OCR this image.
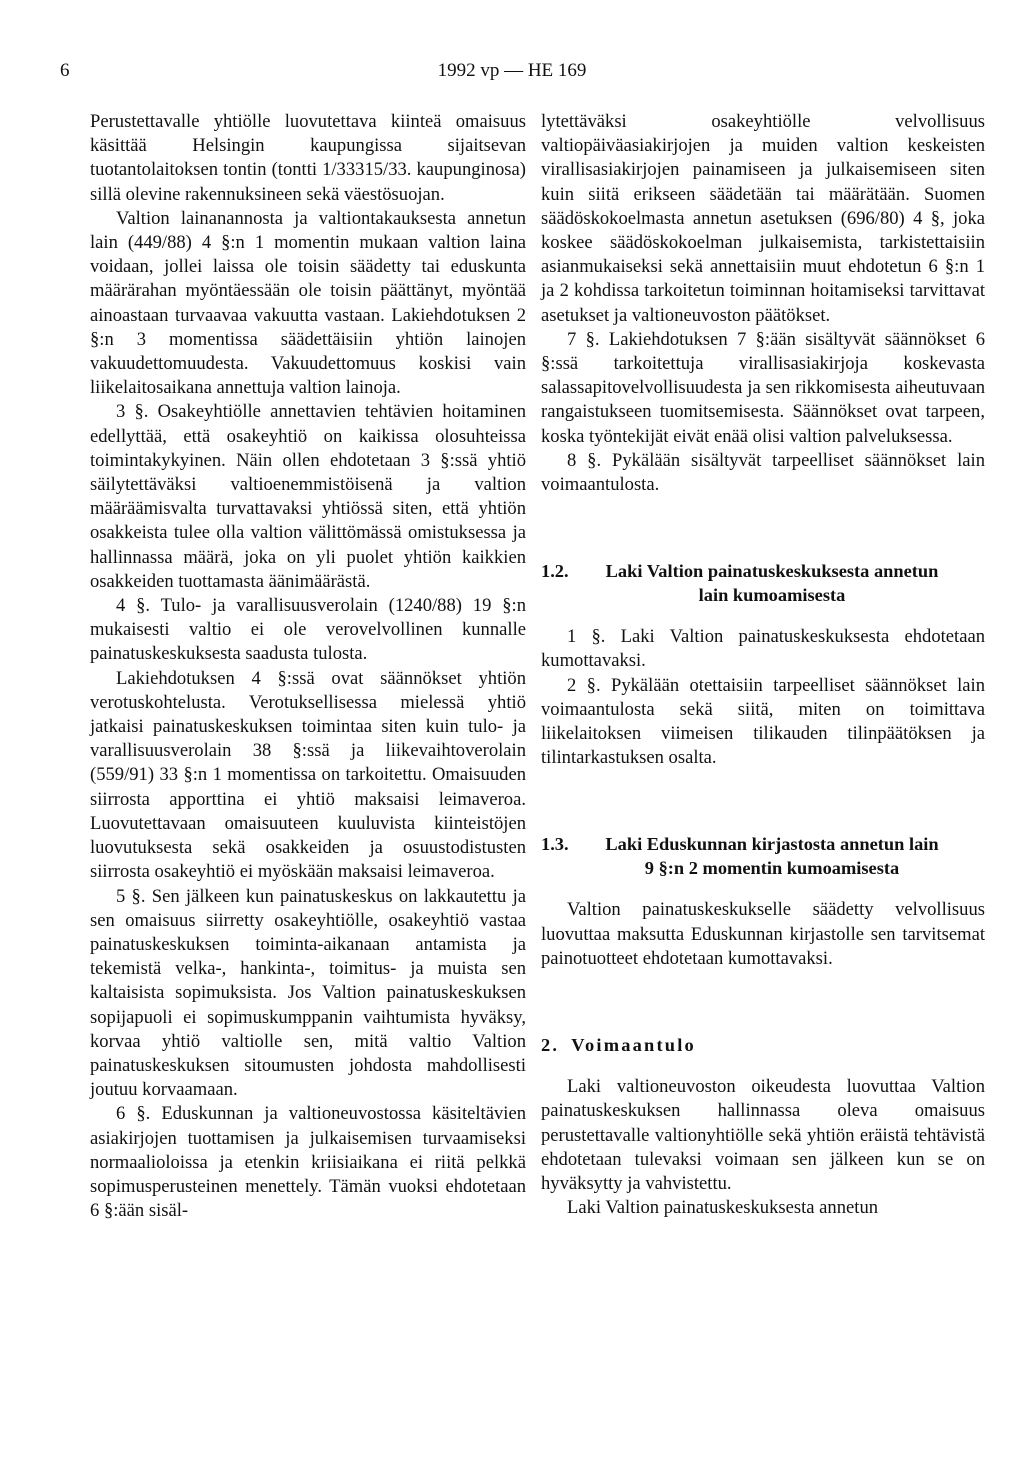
6	1992 vp — HE 169

Perustettavalle yhtiölle luovutettava kiinteä omaisuus käsittää Helsingin kaupungissa sijaitsevan tuotantolaitoksen tontin (tontti 1/33315/33. kaupunginosa) sillä olevine rakennuksineen sekä väestösuojan.

Valtion lainanannosta ja valtiontakauksesta annetun lain (449/88) 4 §:n 1 momentin mukaan valtion laina voidaan, jollei laissa ole toisin säädetty tai eduskunta määrärahan myöntäessään ole toisin päättänyt, myöntää ainoastaan turvaavaa vakuutta vastaan. Lakiehdotuksen 2 §:n 3 momentissa säädettäisiin yhtiön lainojen vakuudettomuudesta. Vakuudettomuus koskisi vain liikelaitosaikana annettuja valtion lainoja.

3 §. Osakeyhtiölle annettavien tehtävien hoitaminen edellyttää, että osakeyhtiö on kaikissa olosuhteissa toimintakykyinen. Näin ollen ehdotetaan 3 §:ssä yhtiö säilytettäväksi valtioenemmistöisenä ja valtion määräämisvalta turvattavaksi yhtiössä siten, että yhtiön osakkeista tulee olla valtion välittömässä omistuksessa ja hallinnassa määrä, joka on yli puolet yhtiön kaikkien osakkeiden tuottamasta äänimäärästä.

4 §. Tulo- ja varallisuusverolain (1240/88) 19 §:n mukaisesti valtio ei ole verovelvollinen kunnalle painatuskeskuksesta saadusta tulosta.

Lakiehdotuksen 4 §:ssä ovat säännökset yhtiön verotuskohtelusta. Verotuksellisessa mielessä yhtiö jatkaisi painatuskeskuksen toimintaa siten kuin tulo- ja varallisuusverolain 38 §:ssä ja liikevaihtoverolain (559/91) 33 §:n 1 momentissa on tarkoitettu. Omaisuuden siirrosta apporttina ei yhtiö maksaisi leimaveroa. Luovutettavaan omaisuuteen kuuluvista kiinteistöjen luovutuksesta sekä osakkeiden ja osuustodistusten siirrosta osakeyhtiö ei myöskään maksaisi leimaveroa.

5 §. Sen jälkeen kun painatuskeskus on lakkautettu ja sen omaisuus siirretty osakeyhtiölle, osakeyhtiö vastaa painatuskeskuksen toiminta-aikanaan antamista ja tekemistä velka-, hankinta-, toimitus- ja muista sen kaltaisista sopimuksista. Jos Valtion painatuskeskuksen sopijapuoli ei sopimuskumppanin vaihtumista hyväksy, korvaa yhtiö valtiolle sen, mitä valtio Valtion painatuskeskuksen sitoumusten johdosta mahdollisesti joutuu korvaamaan.

6 §. Eduskunnan ja valtioneuvostossa käsiteltävien asiakirjojen tuottamisen ja julkaisemisen turvaamiseksi normaalioloissa ja etenkin kriisiaikana ei riitä pelkkä sopimusperusteinen menettely. Tämän vuoksi ehdotetaan 6 §:ään sisäl-

lytettäväksi osakeyhtiölle velvollisuus valtiopäiväasiakirjojen ja muiden valtion keskeisten virallisasiakirjojen painamiseen ja julkaisemiseen siten kuin siitä erikseen säädetään tai määrätään. Suomen säädöskokoelmasta annetun asetuksen (696/80) 4 §, joka koskee säädöskokoelman julkaisemista, tarkistettaisiin asianmukaiseksi sekä annettaisiin muut ehdotetun 6 §:n 1 ja 2 kohdissa tarkoitetun toiminnan hoitamiseksi tarvittavat asetukset ja valtioneuvoston päätökset.

7 §. Lakiehdotuksen 7 §:ään sisältyvät säännökset 6 §:ssä tarkoitettuja virallisasiakirjoja koskevasta salassapitovelvollisuudesta ja sen rikkomisesta aiheutuvaan rangaistukseen tuomitsemisesta. Säännökset ovat tarpeen, koska työntekijät eivät enää olisi valtion palveluksessa.

8 §. Pykälään sisältyvät tarpeelliset säännökset lain voimaantulosta.

1.2.	Laki Valtion painatuskeskuksesta annetun
lain kumoamisesta

1 §. Laki Valtion painatuskeskuksesta ehdotetaan kumottavaksi.

2 §. Pykälään otettaisiin tarpeelliset säännökset lain voimaantulosta sekä siitä, miten on toimittava liikelaitoksen viimeisen tilikauden tilinpäätöksen ja tilintarkastuksen osalta.

1.3.	Laki Eduskunnan kirjastosta annetun lain
9 §:n 2 momentin kumoamisesta

Valtion painatuskeskukselle säädetty velvollisuus luovuttaa maksutta Eduskunnan kirjastolle sen tarvitsemat painotuotteet ehdotetaan kumottavaksi.

2. Voimaantulo

Laki valtioneuvoston oikeudesta luovuttaa Valtion painatuskeskuksen hallinnassa oleva omaisuus perustettavalle valtionyhtiölle sekä yhtiön eräistä tehtävistä ehdotetaan tulevaksi voimaan sen jälkeen kun se on hyväksytty ja vahvistettu.

Laki Valtion painatuskeskuksesta annetun
